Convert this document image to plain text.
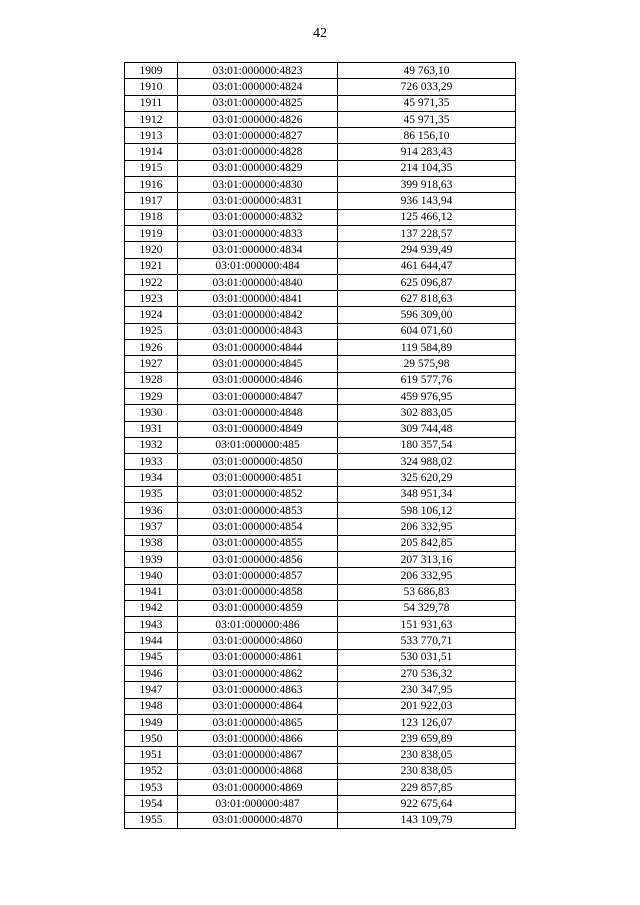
42
1909	03:01:000000:4823	49 763,10
1910	03:01:000000:4824	726 033,29
1911	03:01:000000:4825	45 971,35
1912	03:01:000000:4826	45 971,35
1913	03:01:000000:4827	86 156,10
1914	03:01:000000:4828	914 283,43
1915	03:01:000000:4829	214 104,35
1916	03:01:000000:4830	399 918,63
1917	03:01:000000:4831	936 143,94
1918	03:01:000000:4832	125 466,12
1919	03:01:000000:4833	137 228,57
1920	03:01:000000:4834	294 939,49
1921	03:01:000000:484	461 644,47
1922	03:01:000000:4840	625 096,87
1923	03:01:000000:4841	627 818,63
1924	03:01:000000:4842	596 309,00
1925	03:01:000000:4843	604 071,60
1926	03:01:000000:4844	119 584,89
1927	03:01:000000:4845	29 575,98
1928	03:01:000000:4846	619 577,76
1929	03:01:000000:4847	459 976,95
1930	03:01:000000:4848	302 883,05
1931	03:01:000000:4849	309 744,48
1932	03:01:000000:485	180 357,54
1933	03:01:000000:4850	324 988,02
1934	03:01:000000:4851	325 620,29
1935	03:01:000000:4852	348 951,34
1936	03:01:000000:4853	598 106,12
1937	03:01:000000:4854	206 332,95
1938	03:01:000000:4855	205 842,85
1939	03:01:000000:4856	207 313,16
1940	03:01:000000:4857	206 332,95
1941	03:01:000000:4858	53 686,83
1942	03:01:000000:4859	54 329,78
1943	03:01:000000:486	151 931,63
1944	03:01:000000:4860	533 770,71
1945	03:01:000000:4861	530 031,51
1946	03:01:000000:4862	270 536,32
1947	03:01:000000:4863	230 347,95
1948	03:01:000000:4864	201 922,03
1949	03:01:000000:4865	123 126,07
1950	03:01:000000:4866	239 659,89
1951	03:01:000000:4867	230 838,05
1952	03:01:000000:4868	230 838,05
1953	03:01:000000:4869	229 857,85
1954	03:01:000000:487	922 675,64
1955	03:01:000000:4870	143 109,79
